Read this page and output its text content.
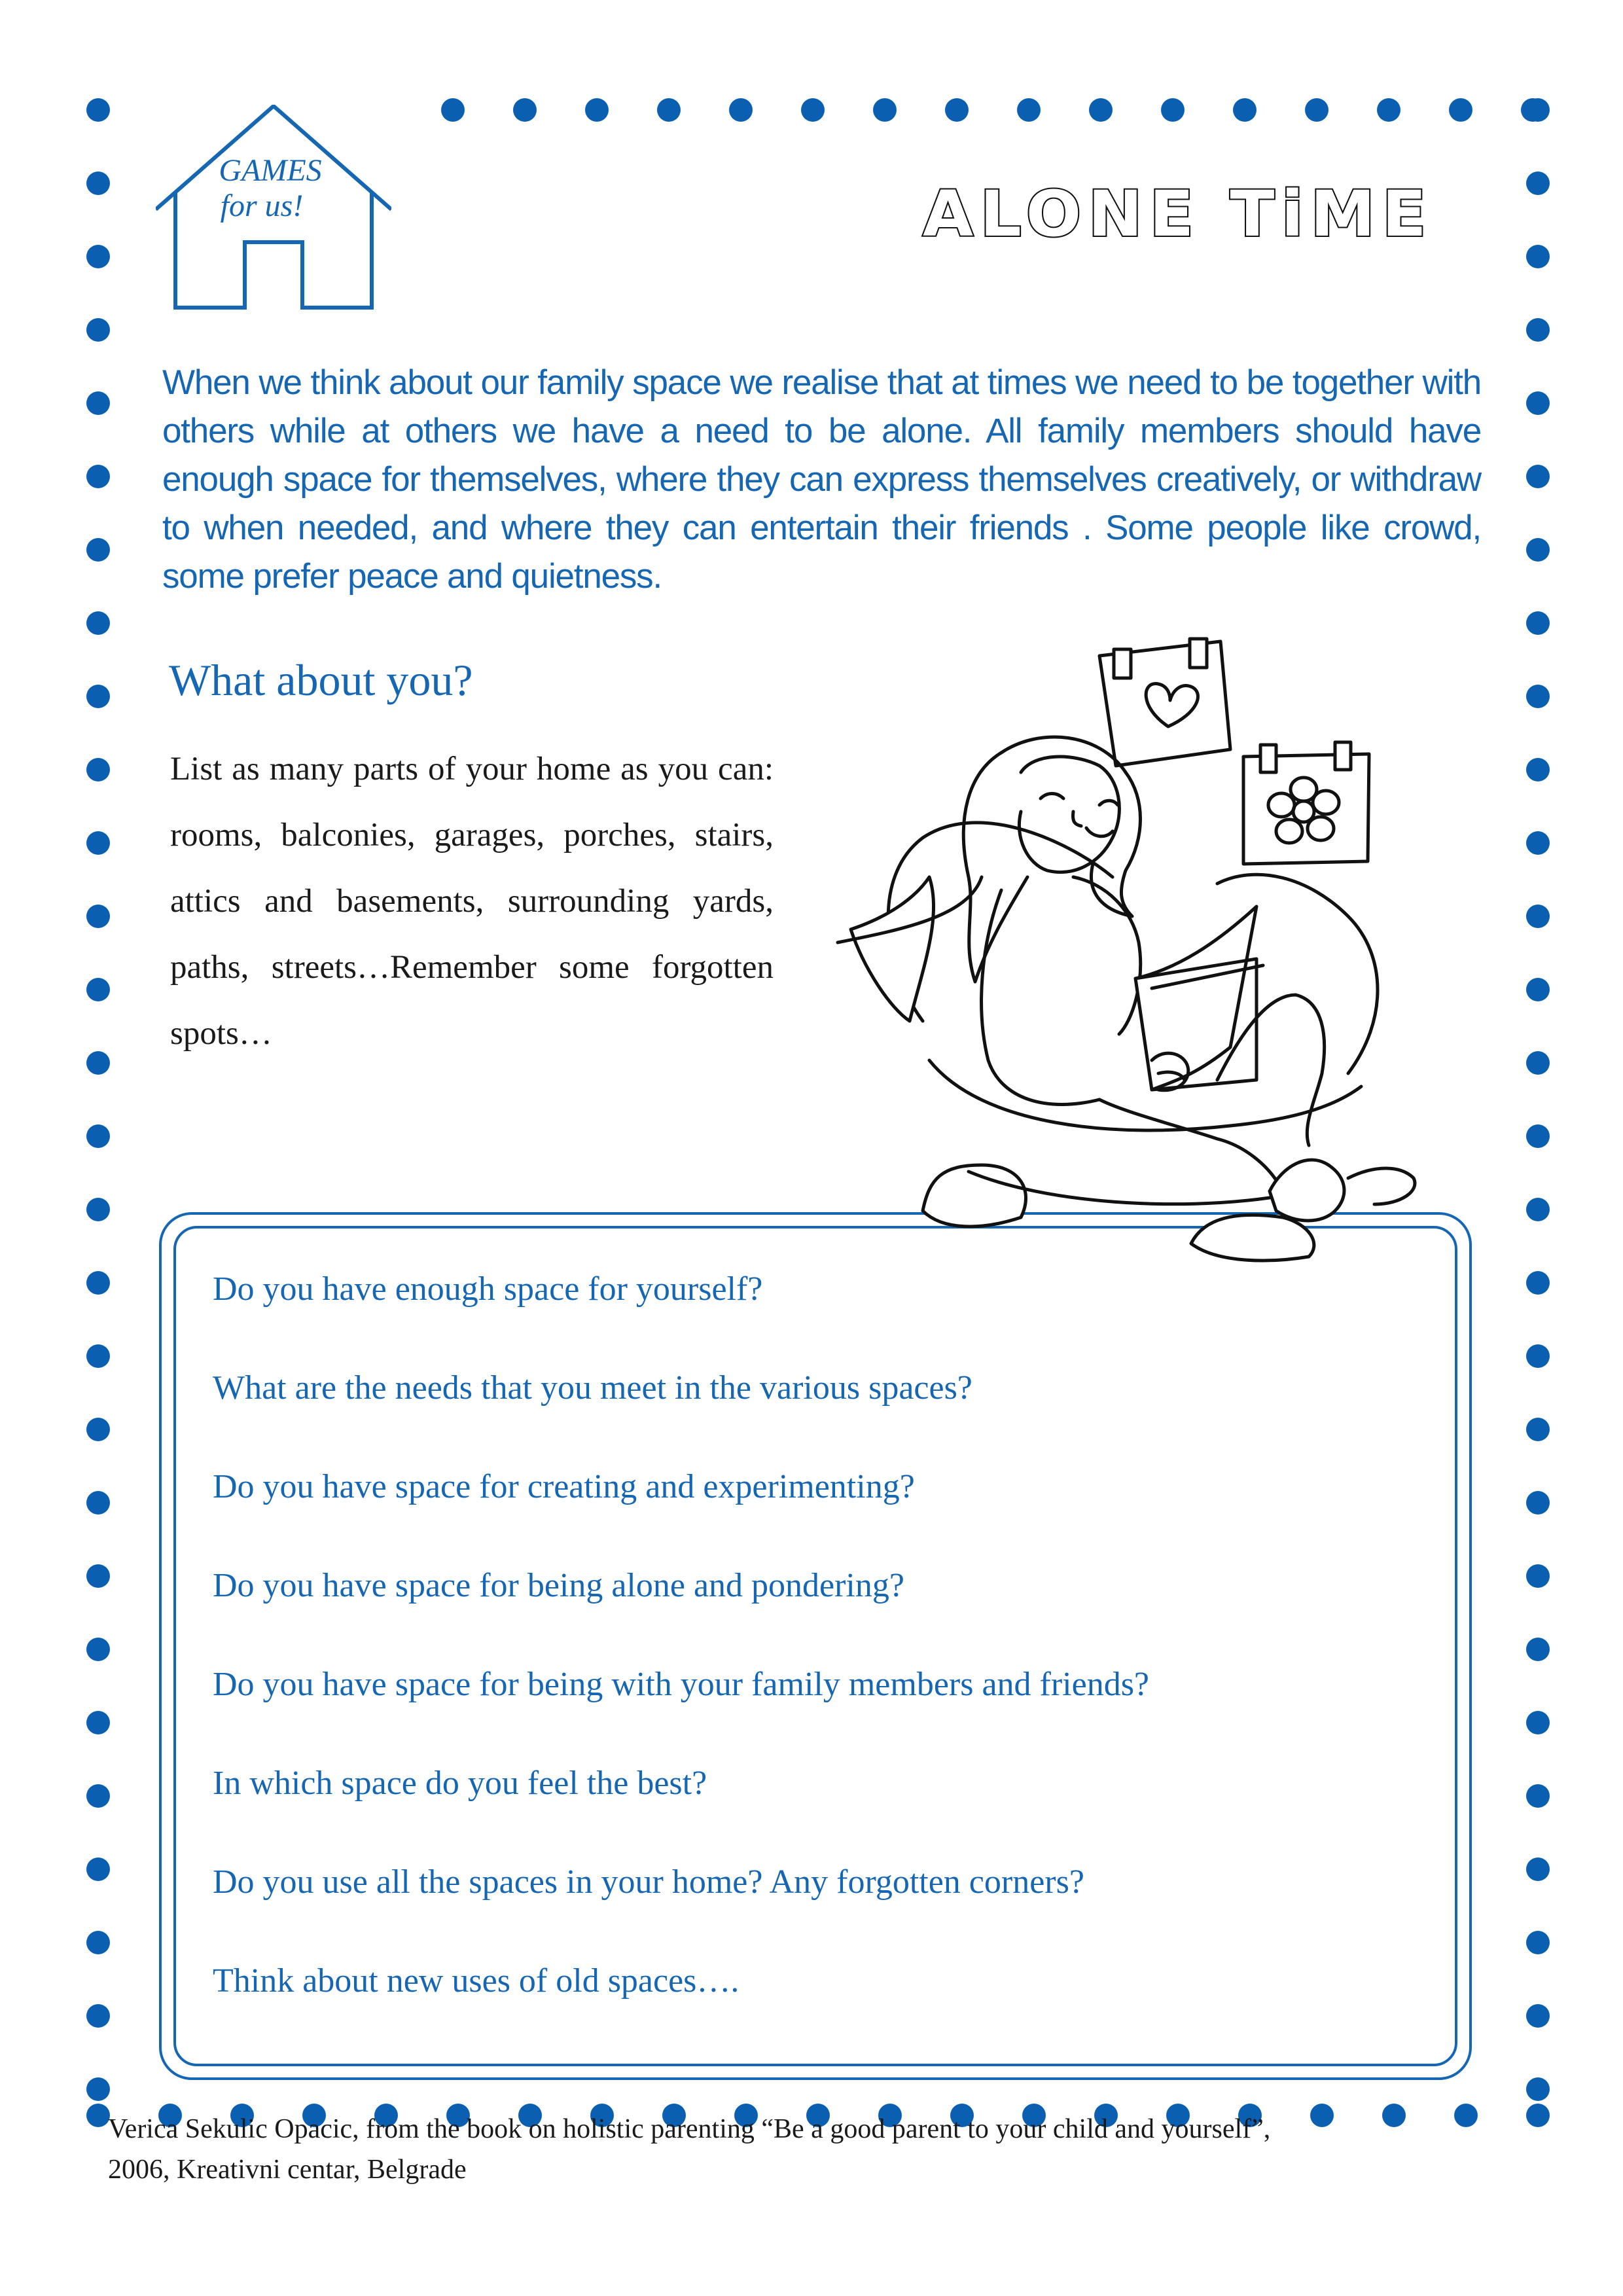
GAMES
for us!	ALONE TiME

When we think about our family space we realise that at times we need to be together with others while at others we have a need to be alone. All family members should have enough space for themselves, where they can express themselves creatively, or withdraw to when needed, and where they can entertain their friends . Some people like crowd, some prefer peace and quietness.

What about you?

List as many parts of your home as you can: rooms, balconies, garages, porches, stairs, attics and basements, surrounding yards, paths, streets…Remember some forgotten spots…

Do you have enough space for yourself?
What are the needs that you meet in the various spaces?
Do you have space for creating and experimenting?
Do you have space for being alone and pondering?
Do you have space for being with your family members and friends?
In which space do you feel the best?
Do you use all the spaces in your home? Any forgotten corners?
Think about new uses of old spaces….
Verica Sekulic Opacic, from the book on holistic parenting “Be a good parent to your child and yourself”,
2006, Kreativni centar, Belgrade
